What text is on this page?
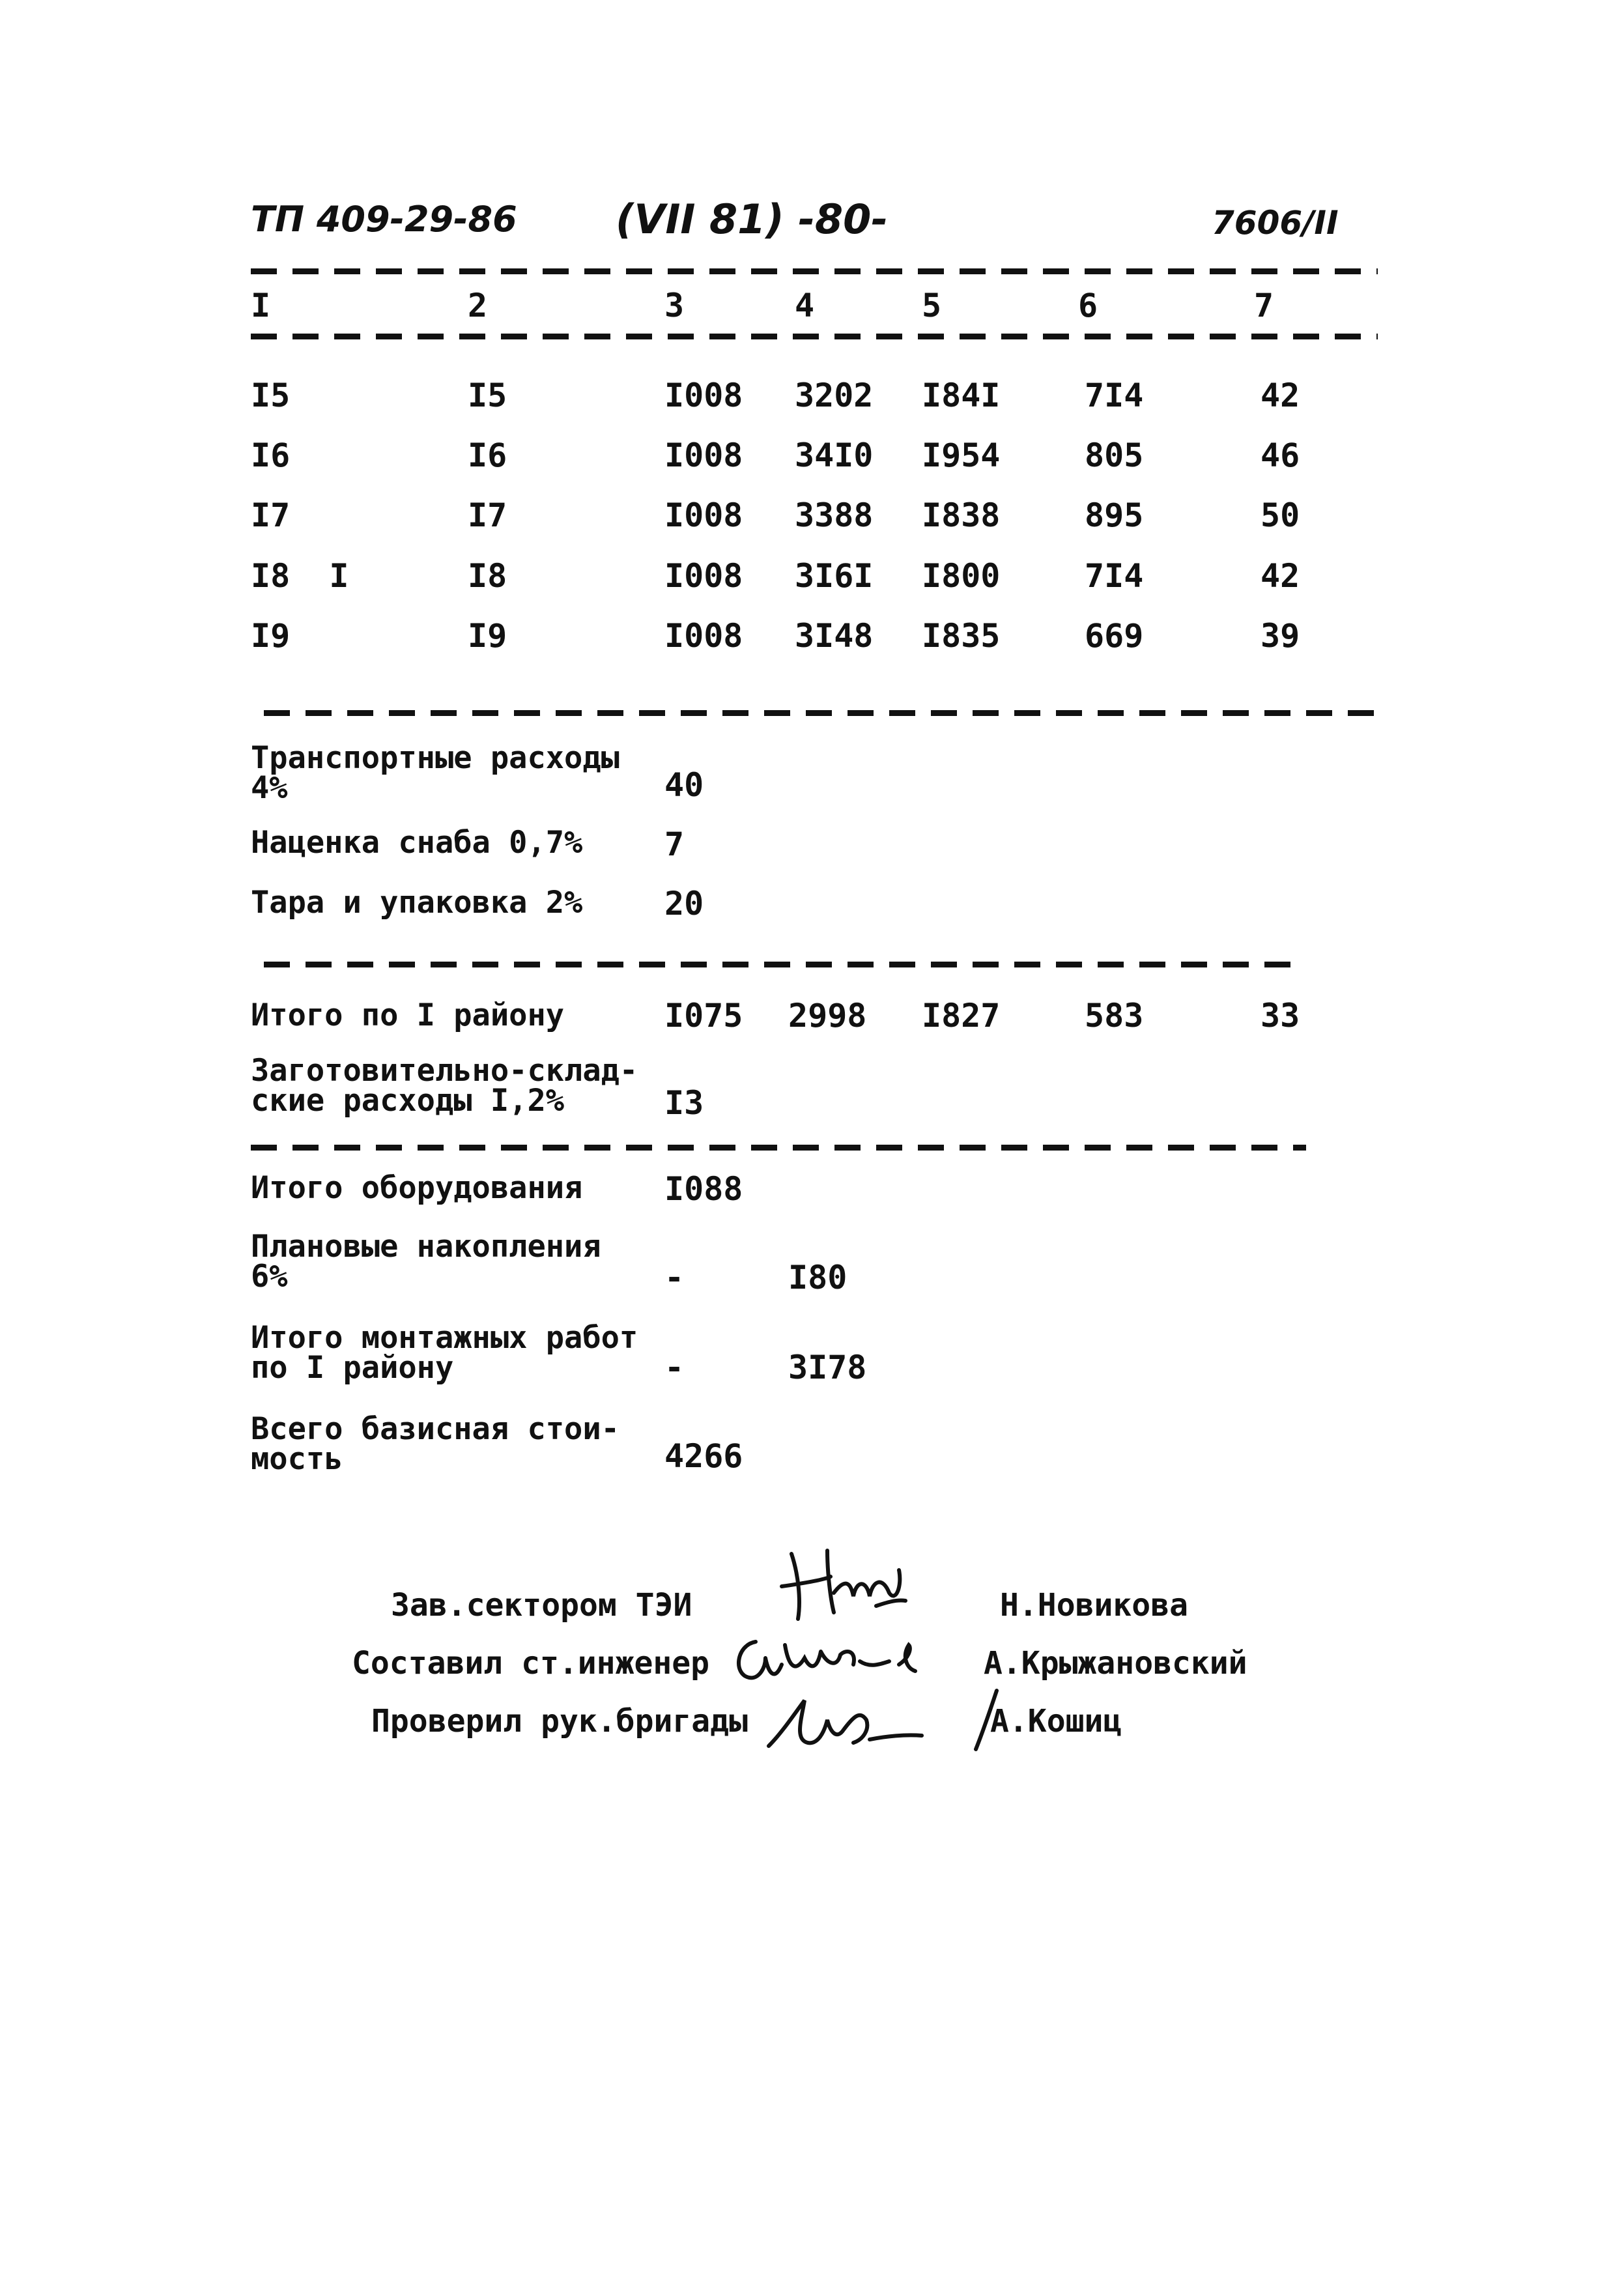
ТП 409-29-86 (VII 81) -80-	7606/II
I	2	3	4	5	6	7
I5	I5	I008 3202 I84I	7I4	42
I6	I6	I008 34I0 I954	805	46
I7	I7	I008 3388 I838	895	50
I8  I	I8	I008 3I6I I800	7I4	42
I9	I9	I008 3I48 I835	669	39
Транспортные расходы
4%	40
Наценка снаба 0,7%	7
Тара и упаковка 2%	20
Итого по I району	I075 2998 I827	583	33
Заготовительно-склад-
ские расходы I,2%	I3
Итого оборудования	I088
Плановые накопления
6%	-	I80
Итого монтажных работ
по I району	-	3I78
Всего базисная стои-
мость	4266
Зав.сектором ТЭИ	Н.Новикова
Составил ст.инженер	А.Крыжановский
Проверил рук.бригады	А.Кошиц
